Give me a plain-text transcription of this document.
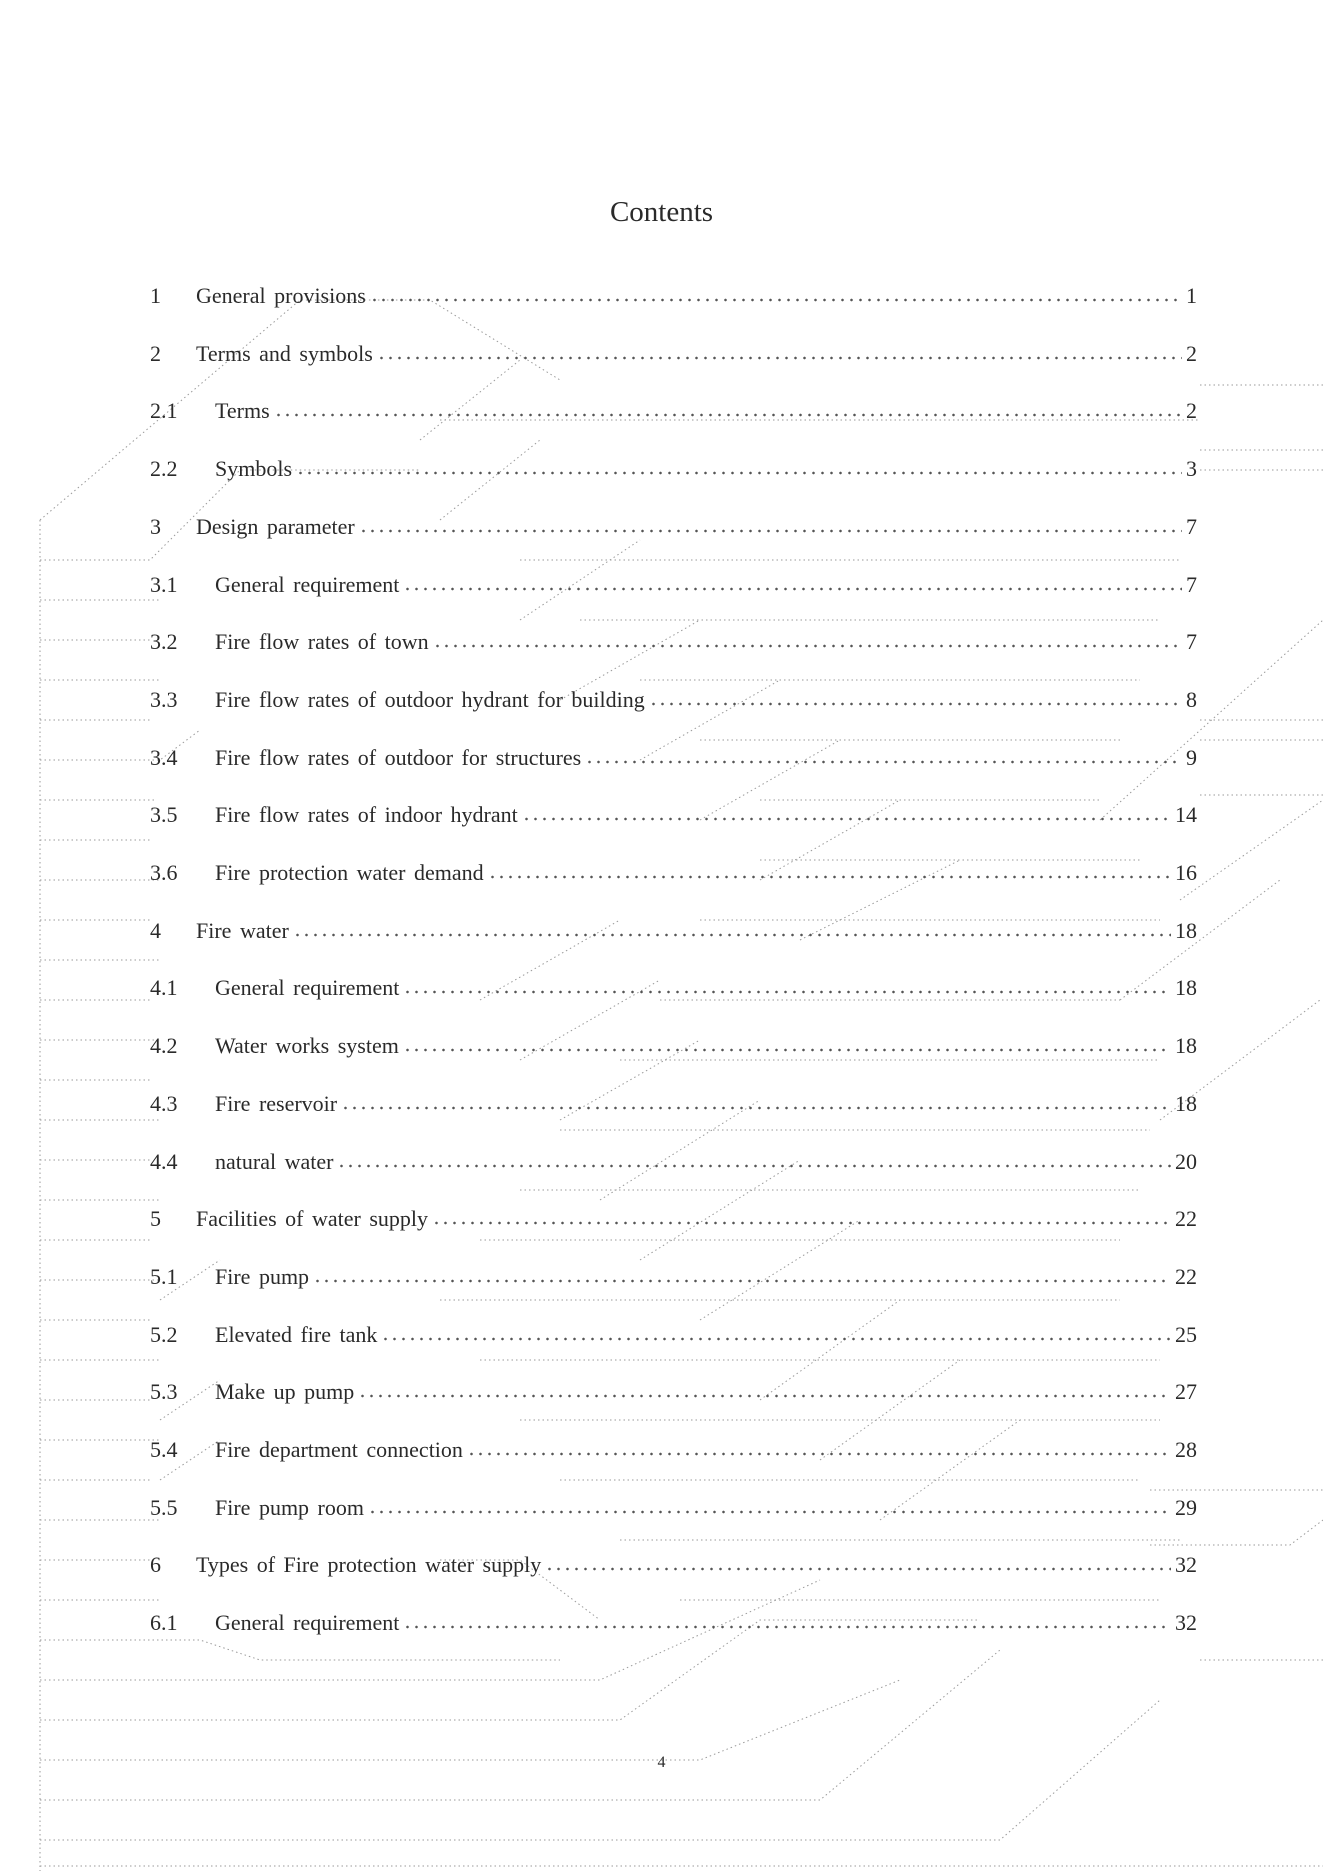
Contents
1	General provisions	1
2	Terms and symbols	2
2.1	Terms	2
2.2	Symbols	3
3	Design parameter	7
3.1	General requirement	7
3.2	Fire flow rates of town	7
3.3	Fire flow rates of outdoor hydrant for building	8
3.4	Fire flow rates of outdoor for structures	9
3.5	Fire flow rates of indoor hydrant	14
3.6	Fire protection water demand	16
4	Fire water	18
4.1	General requirement	18
4.2	Water works system	18
4.3	Fire reservoir	18
4.4	natural water	20
5	Facilities of water supply	22
5.1	Fire pump	22
5.2	Elevated fire tank	25
5.3	Make up pump	27
5.4	Fire department connection	28
5.5	Fire pump room	29
6	Types of Fire protection water supply	32
6.1	General requirement	32
4
